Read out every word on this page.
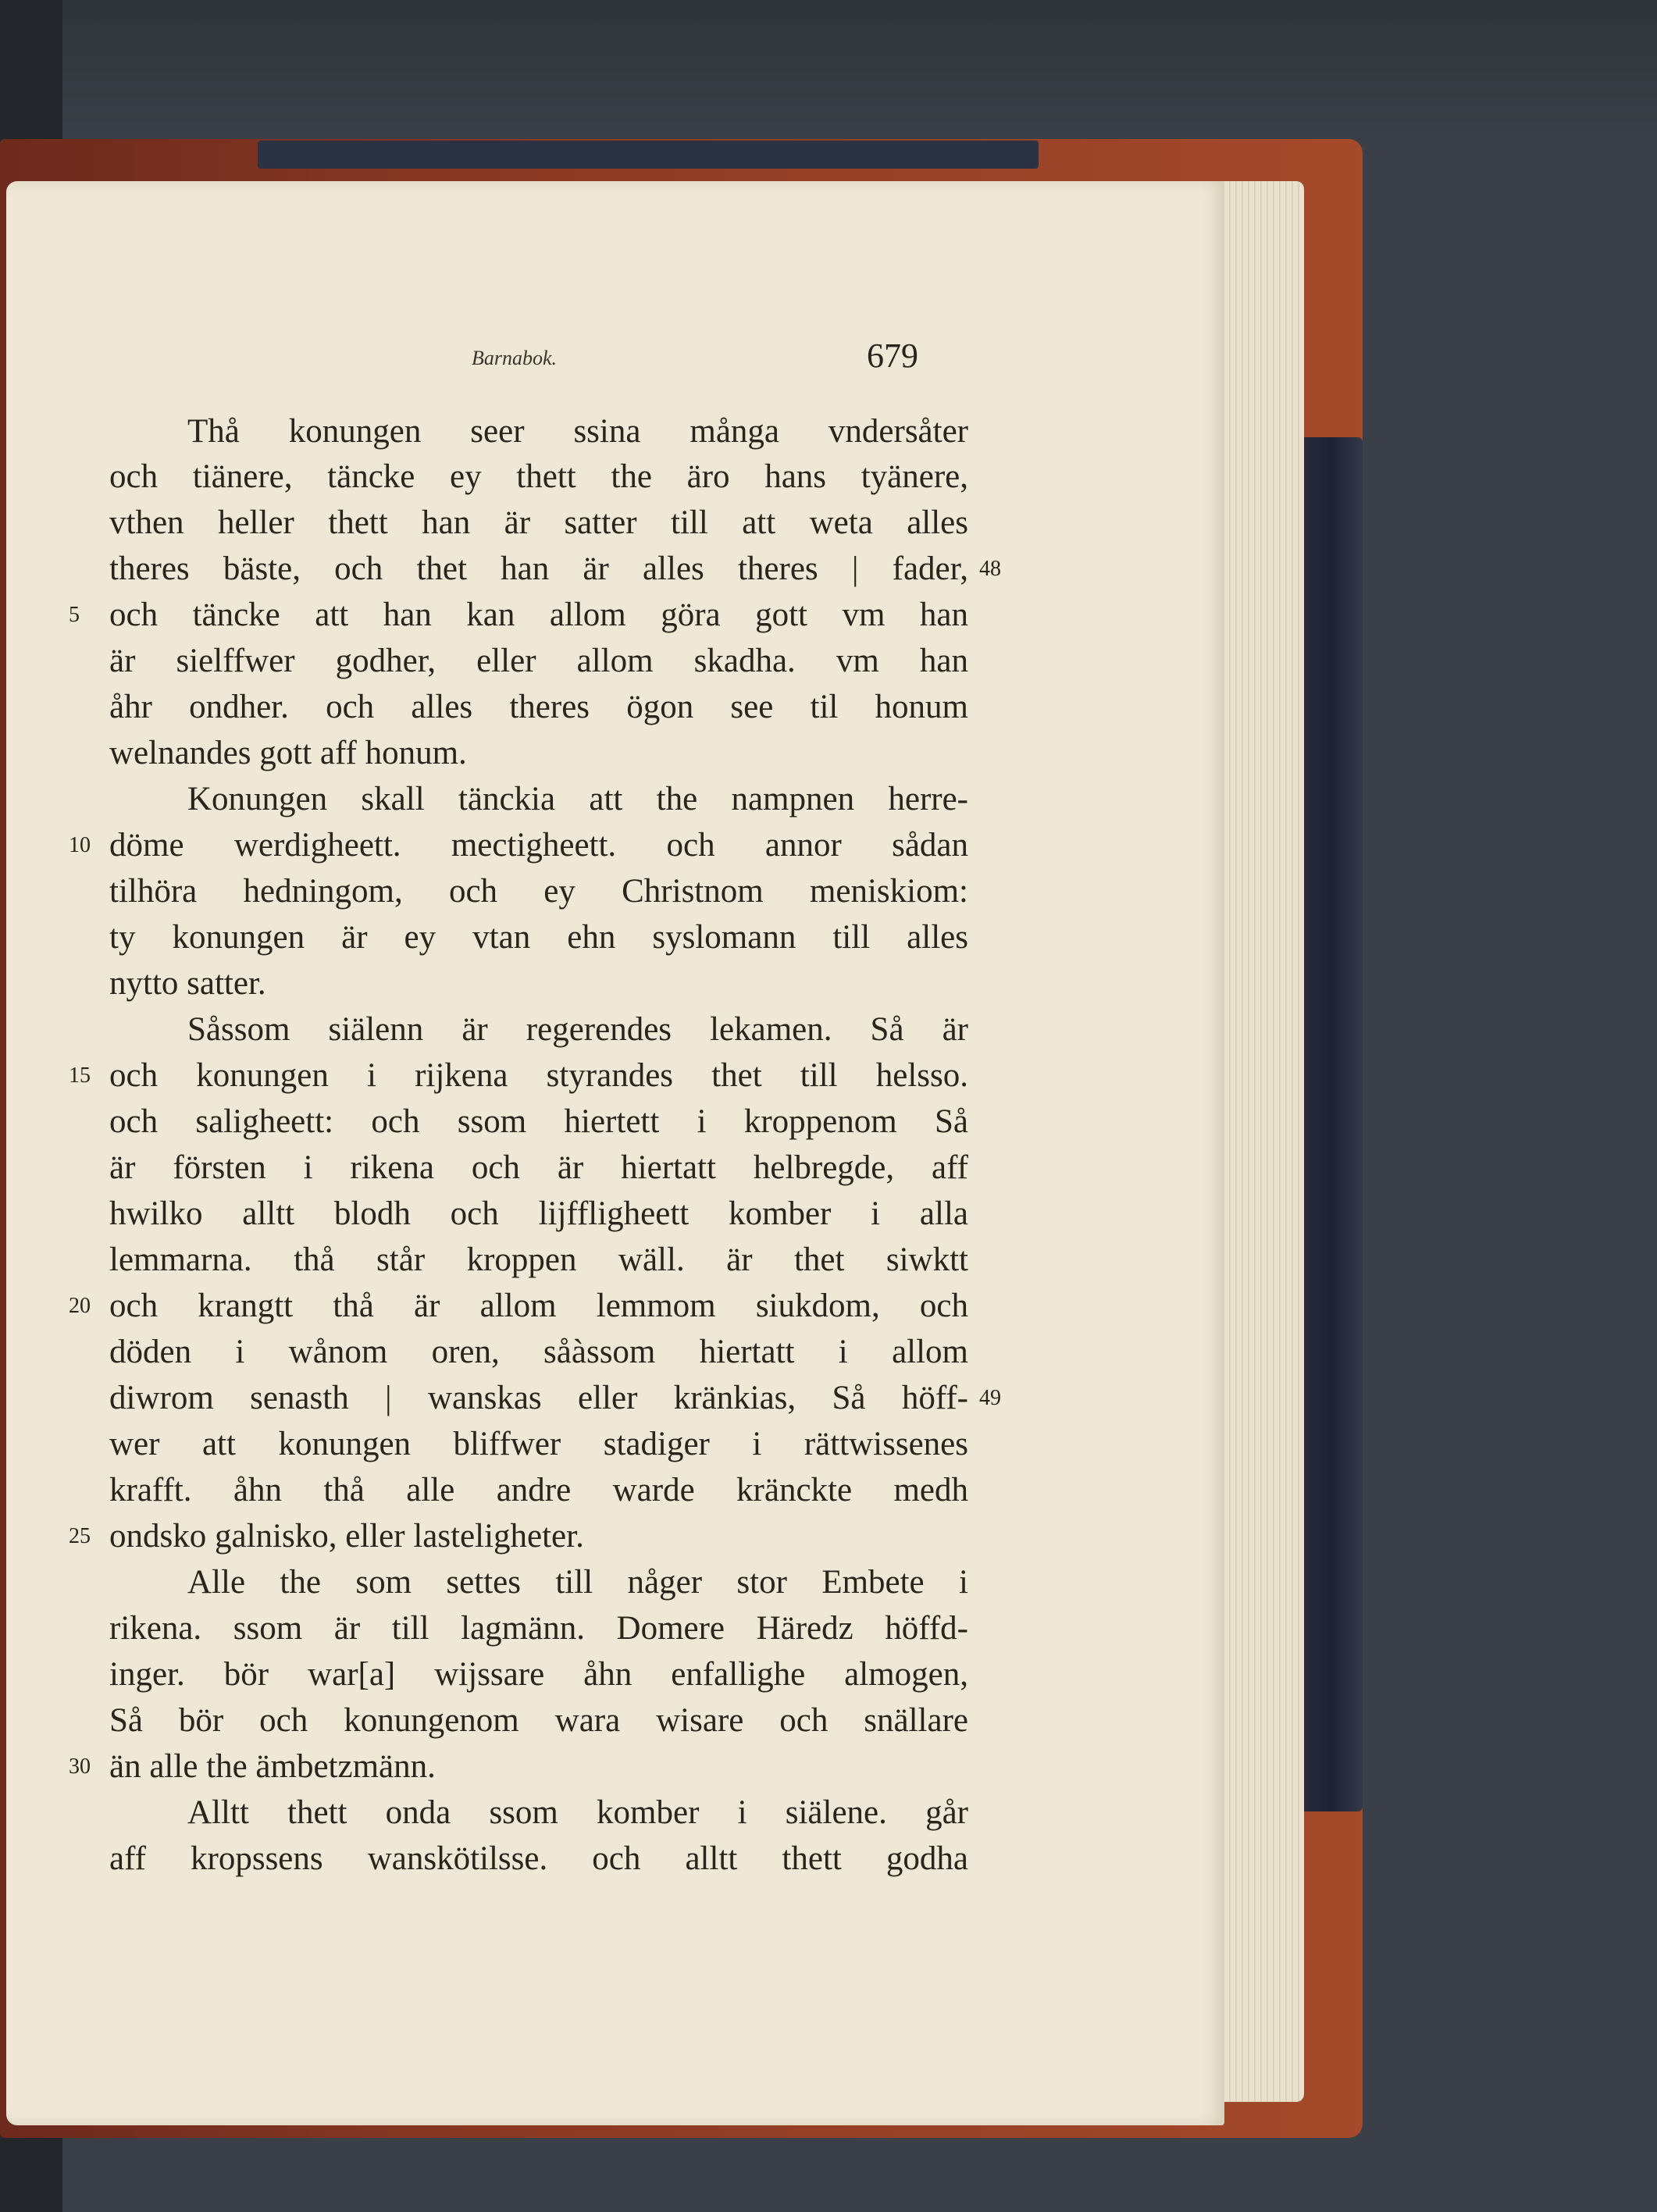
Barnabok.	679
Thå konungen seer ssina många vndersåter
och tiänere, täncke ey thett the äro hans tyänere,
vthen heller thett han är satter till att weta alles
theres bäste, och thet han är alles theres | fader,
och täncke att han kan allom göra gott vm han
är sielffwer godher, eller allom skadha. vm han
åhr ondher. och alles theres ögon see til honum
welnandes gott aff honum.
Konungen skall tänckia att the nampnen herre-
döme werdigheett. mectigheett. och annor sådan
tilhöra hedningom, och ey Christnom meniskiom:
ty konungen är ey vtan ehn syslomann till alles
nytto satter.
Såssom siälenn är regerendes lekamen. Så är
och konungen i rijkena styrandes thet till helsso.
och saligheett: och ssom hiertett i kroppenom Så
är försten i rikena och är hiertatt helbregde, aff
hwilko alltt blodh och lijffligheett komber i alla
lemmarna. thå står kroppen wäll. är thet siwktt
och krangtt thå är allom lemmom siukdom, och
döden i wånom oren, såàssom hiertatt i allom
diwrom senasth | wanskas eller kränkias, Så höff-
wer att konungen bliffwer stadiger i rättwissenes
krafft. åhn thå alle andre warde kränckte medh
ondsko galnisko, eller lasteligheter.
Alle the som settes till någer stor Embete i
rikena. ssom är till lagmänn. Domere Häredz höffd-
inger. bör war[a] wijssare åhn enfallighe almogen,
Så bör och konungenom wara wisare och snällare
än alle the ämbetzmänn.
Alltt thett onda ssom komber i siälene. går
aff kropssens wanskötilsse. och alltt thett godha
5
10
15
20
25
30
48
49
